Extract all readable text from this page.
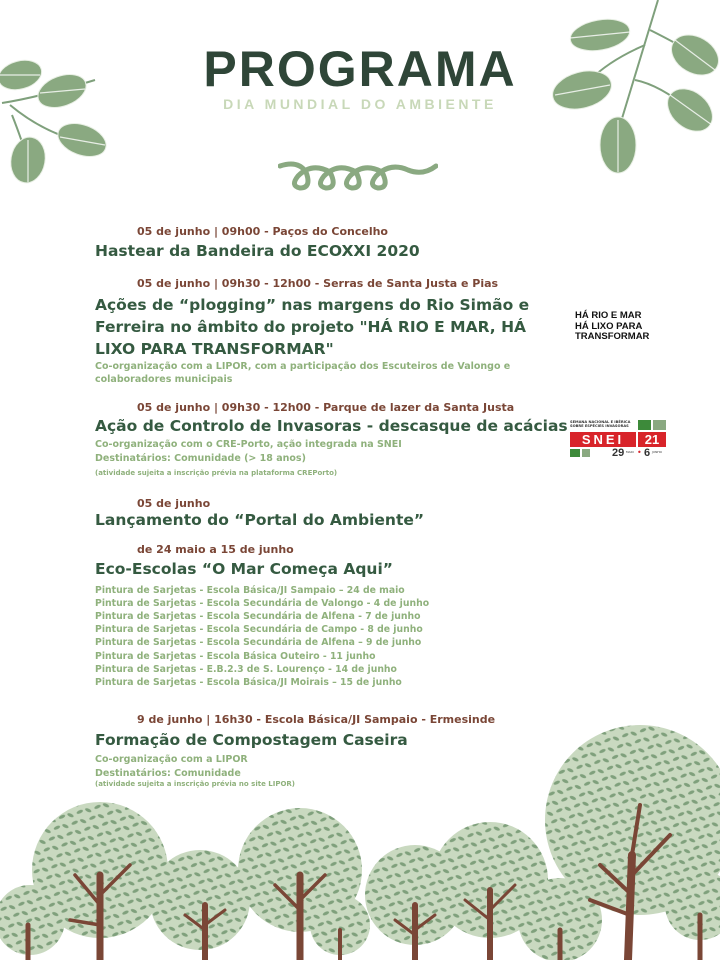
PROGRAMA
DIA MUNDIAL DO AMBIENTE
05 de junho | 09h00 - Paços do Concelho
Hastear da Bandeira do ECOXXI 2020
05 de junho | 09h30 - 12h00 - Serras de Santa Justa e Pias
Ações de “plogging” nas margens do Rio Simão e
Ferreira no âmbito do projeto "HÁ RIO E MAR, HÁ
LIXO PARA TRANSFORMAR"
Co-organização com a LIPOR, com a participação dos Escuteiros de Valongo e
colaboradores municipais
HÁ RIO E MAR
HÁ LIXO PARA
TRANSFORMAR
05 de junho | 09h30 - 12h00 - Parque de lazer da Santa Justa
Ação de Controlo de Invasoras - descasque de acácias
Co-organização com o CRE-Porto, ação integrada na SNEI
Destinatários: Comunidade (> 18 anos)
(atividade sujeita a inscrição prévia na plataforma CREPorto)
SEMANA NACIONAL E IBÉRICA SOBRE ESPÉCIES INVASORAS
SNEI	21
29 MAIO • 6 JUNHO
05 de junho
Lançamento do “Portal do Ambiente”
de 24 maio a 15 de junho
Eco-Escolas “O Mar Começa Aqui”
Pintura de Sarjetas - Escola Básica/JI Sampaio – 24 de maio
Pintura de Sarjetas - Escola Secundária de Valongo - 4 de junho
Pintura de Sarjetas - Escola Secundária de Alfena - 7 de junho
Pintura de Sarjetas - Escola Secundária de Campo - 8 de junho
Pintura de Sarjetas - Escola Secundária de Alfena – 9 de junho
Pintura de Sarjetas - Escola Básica Outeiro - 11 junho
Pintura de Sarjetas - E.B.2.3 de S. Lourenço - 14 de junho
Pintura de Sarjetas - Escola Básica/JI Moirais – 15 de junho
9 de junho | 16h30 - Escola Básica/JI Sampaio - Ermesinde
Formação de Compostagem Caseira
Co-organização com a LIPOR
Destinatários: Comunidade
(atividade sujeita a inscrição prévia no site LIPOR)
